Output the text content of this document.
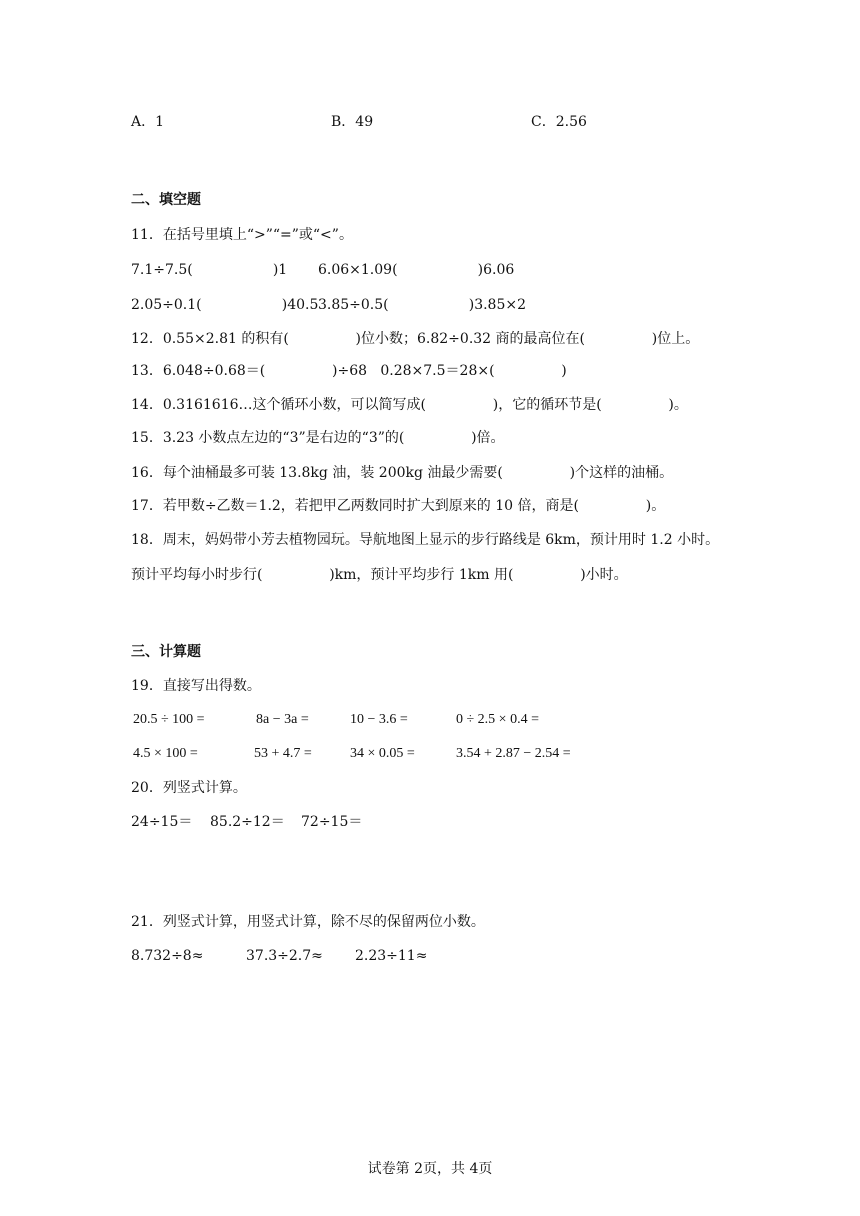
A．1	B．49	C．2.56
二、填空题
11．在括号里填上“>”“=”或“<”。
7.1÷7.5(                  )1 6.06×1.09(                  )6.06
2.05÷0.1(                  )40.5 3.85÷0.5(                  )3.85×2
12．0.55×2.81 的积有(               )位小数；6.82÷0.32 商的最高位在(               )位上。
13．6.048÷0.68＝(               )÷68   0.28×7.5＝28×(               )
14．0.3161616…这个循环小数，可以简写成(               )，它的循环节是(               )。
15．3.23 小数点左边的“3”是右边的“3”的(               )倍。
16．每个油桶最多可装 13.8kg 油，装 200kg 油最少需要(               )个这样的油桶。
17．若甲数÷乙数＝1.2，若把甲乙两数同时扩大到原来的 10 倍，商是(               )。
18．周末，妈妈带小芳去植物园玩。导航地图上显示的步行路线是 6km，预计用时 1.2 小时。
预计平均每小时步行(               )km，预计平均步行 1km 用(               )小时。
三、计算题
19．直接写出得数。
20.5 ÷ 100 =	8a − 3a =	10 − 3.6 =	0 ÷ 2.5 × 0.4 =
4.5 × 100 =	53 + 4.7 =	34 × 0.05 =	3.54 + 2.87 − 2.54 =
20．列竖式计算。
24÷15＝ 85.2÷12＝ 72÷15＝
21．列竖式计算，用竖式计算，除不尽的保留两位小数。
8.732÷8≈	37.3÷2.7≈ 2.23÷11≈
试卷第 2页，共 4页
